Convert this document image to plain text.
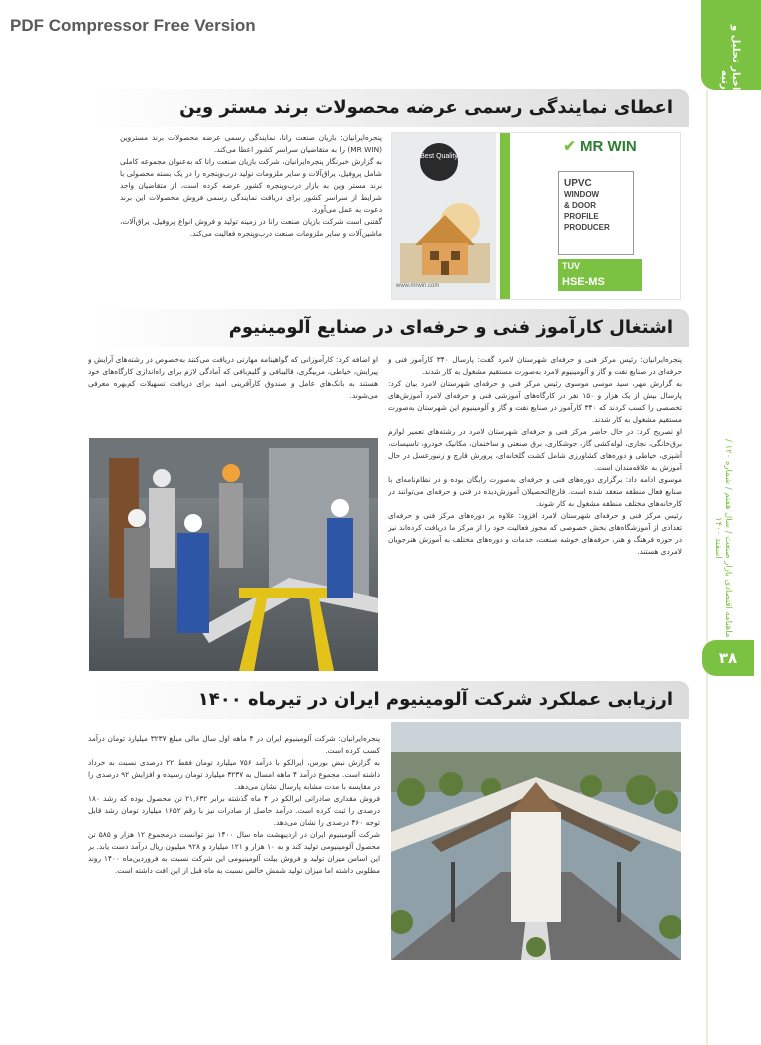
PDF Compressor Free Version	اخبار تحلیل و رتبه
ماهنامه اقتصادی بازار صنعت / سال هفتم / شماره ۱۲۰ / اسفند ۱۴۰۰
۳۸
اعطای نمایندگی رسمی عرضه محصولات برند مستر وین
Best Quality
www.mrwin.com
✔ MR WIN
UPVC
WINDOW
& DOOR
PROFILE
PRODUCER
TUV
HSE-MS

پنجره‌ایرانیان: بازیان صنعت رانا، نمایندگی رسمی عرضه محصولات برند مستروین (MR WIN) را به متقاضیان سراسر کشور اعطا می‌کند.

به گزارش خبرنگار پنجره‌ایرانیان، شرکت بازیان صنعت رانا که به‌عنوان مجموعه کاملی شامل پروفیل، یراق‌آلات و سایر ملزومات تولید درب‌وپنجره را در یک بسته محصولی با برند مستر وین به بازار درب‌وپنجره کشور عرضه کرده است، از متقاضیان واجد شرایط از سراسر کشور برای دریافت نمایندگی رسمی فروش محصولات این برند دعوت به عمل می‌آورد.

گفتنی است شرکت بازیان صنعت رانا در زمینه تولید و فروش انواع پروفیل، یراق‌آلات، ماشین‌آلات و سایر ملزومات صنعت درب‌وپنجره فعالیت می‌کند.

اشتغال کارآموز فنی و حرفه‌ای در صنایع آلومینیوم

پنجره‌ایرانیان: رئیس مرکز فنی و حرفه‌ای شهرستان لامرد گفت: پارسال ۳۴۰ کارآموز فنی و حرفه‌ای در صنایع نفت و گاز و آلومینیوم لامرد به‌صورت مستقیم مشغول به کار شدند.

به گزارش مهر، سید موسی موسوی رئیس مرکز فنی و حرفه‌ای شهرستان لامرد بیان کرد: پارسال بیش از یک هزار و ۱۵۰ نفر در کارگاه‌های آموزشی فنی و حرفه‌ای لامرد آموزش‌های تخصصی را کسب کردند که ۳۴۰ کارآموز در صنایع نفت و گاز و آلومینیوم این شهرستان به‌صورت مستقیم مشغول به کار شدند.

او تصریح کرد: در حال حاضر مرکز فنی و حرفه‌ای شهرستان لامرد در رشته‌های تعمیر لوازم برق‌خانگی، نجاری، لوله‌کشی گاز، جوشکاری، برق صنعتی و ساختمان، مکانیک خودرو، تاسیسات، آشپزی، خیاطی و دوره‌های کشاورزی شامل کشت گلخانه‌ای، پرورش قارچ و زنبورعسل در حال آموزش به علاقه‌مندان است.

موسوی ادامه داد: برگزاری دوره‌های فنی و حرفه‌ای به‌صورت رایگان بوده و در نظام‌نامه‌ای با صنایع فعال منطقه منعقد شده است. فارغ‌التحصیلان آموزش‌دیده در فنی و حرفه‌ای می‌توانند در کارخانه‌های مختلف منطقه مشغول به کار شوند.

رئیس مرکز فنی و حرفه‌ای شهرستان لامرد افزود: علاوه بر دوره‌های مرکز فنی و حرفه‌ای تعدادی از آموزشگاه‌های بخش خصوصی که مجوز فعالیت خود را از مرکز ما دریافت کرده‌اند نیز در حوزه فرهنگ و هنر، حرفه‌های خوشه صنعت، خدمات و دوره‌های مختلف به آموزش هنرجویان لامردی هستند.

او اضافه کرد: کارآموزانی که گواهینامه مهارتی دریافت می‌کنند به‌خصوص در رشته‌های آرایش و پیرایش، خیاطی، مربیگری، قالیبافی و گلیم‌بافی که آمادگی لازم برای راه‌اندازی کارگاه‌های خود هستند به بانک‌های عامل و صندوق کارآفرینی امید برای دریافت تسهیلات کم‌بهره معرفی می‌شوند.

ارزیابی عملکرد شرکت آلومینیوم ایران در تیرماه ۱۴۰۰

پنجره‌ایرانیان: شرکت آلومینیوم ایران در ۴ ماهه اول سال مالی مبلغ ۳۲۳۷ میلیارد تومان درآمد کسب کرده است.

به گزارش نبض بورس، ایرالکو با درآمد ۷۵۶ میلیارد تومان فقط ۲۲ درصدی نسبت به خرداد داشته است. مجموع درآمد ۴ ماهه امسال به ۳۲۳۷ میلیارد تومان رسیده و افزایش ۹۲ درصدی را در مقایسه با مدت مشابه پارسال نشان می‌دهد.

فروش مقداری صادراتی ایرالکو در ۴ ماه گذشته برابر ۲۱,۶۳۲ تن محصول بوده که رشد ۱۸۰ درصدی را ثبت کرده است. درآمد حاصل از صادرات نیز با رقم ۱۶۵۲ میلیارد تومان رشد قابل توجه ۴۶۰ درصدی را نشان می‌دهد.

شرکت آلومینیوم ایران در اردیبهشت ماه سال ۱۴۰۰ نیز توانست درمجموع ۱۲ هزار و ۵۸۵ تن محصول آلومینیومی تولید کند و به ۱۰ هزار و ۱۲۱ میلیارد و ۹۲۸ میلیون ریال درآمد دست یابد. بر این اساس میزان تولید و فروش بیلت آلومینیومی این شرکت نسبت به فروردین‌ماه ۱۴۰۰ روند مطلوبی داشته اما میزان تولید شمش خالص نسبت به ماه قبل از این افت داشته است.
